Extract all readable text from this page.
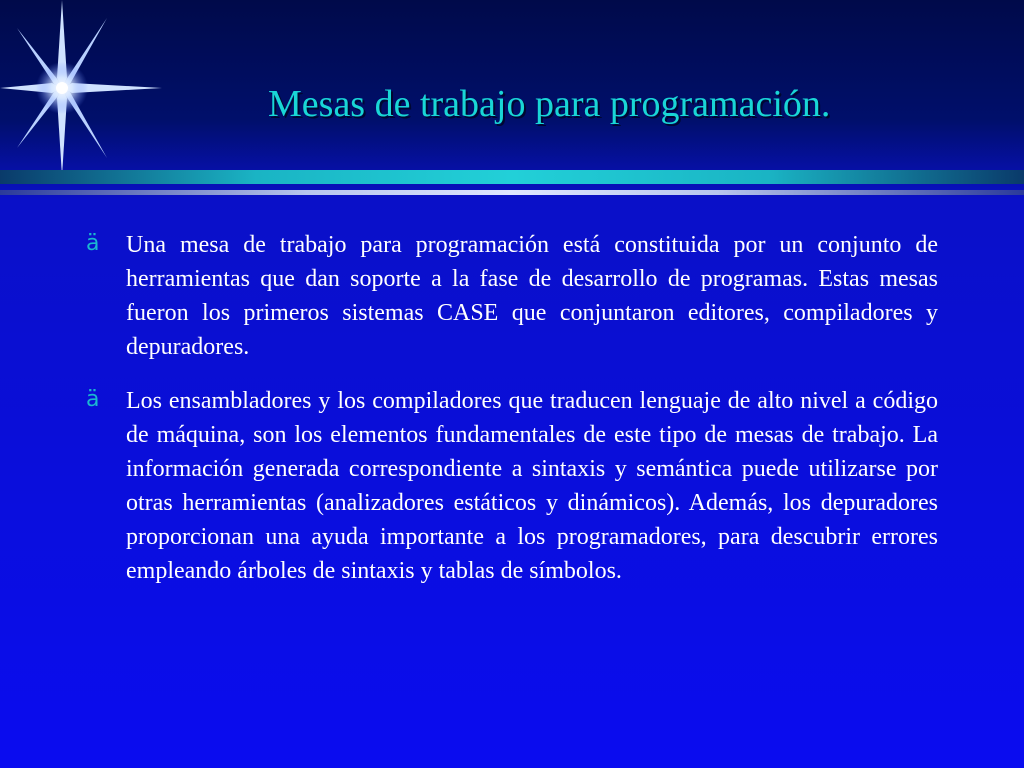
Mesas de trabajo para programación.
ä Una mesa de trabajo para programación está constituida por un conjunto de herramientas que dan soporte a la fase de desarrollo de programas. Estas mesas fueron los primeros sistemas CASE que conjuntaron editores, compiladores y depuradores.
ä Los ensambladores y los compiladores que traducen lenguaje de alto nivel a código de máquina, son los elementos fundamentales de este tipo de mesas de trabajo. La información generada correspondiente a sintaxis y semántica puede utilizarse por otras herramientas (analizadores estáticos y dinámicos). Además, los depuradores proporcionan una ayuda importante a los programadores, para descubrir errores empleando árboles de sintaxis y tablas de símbolos.
